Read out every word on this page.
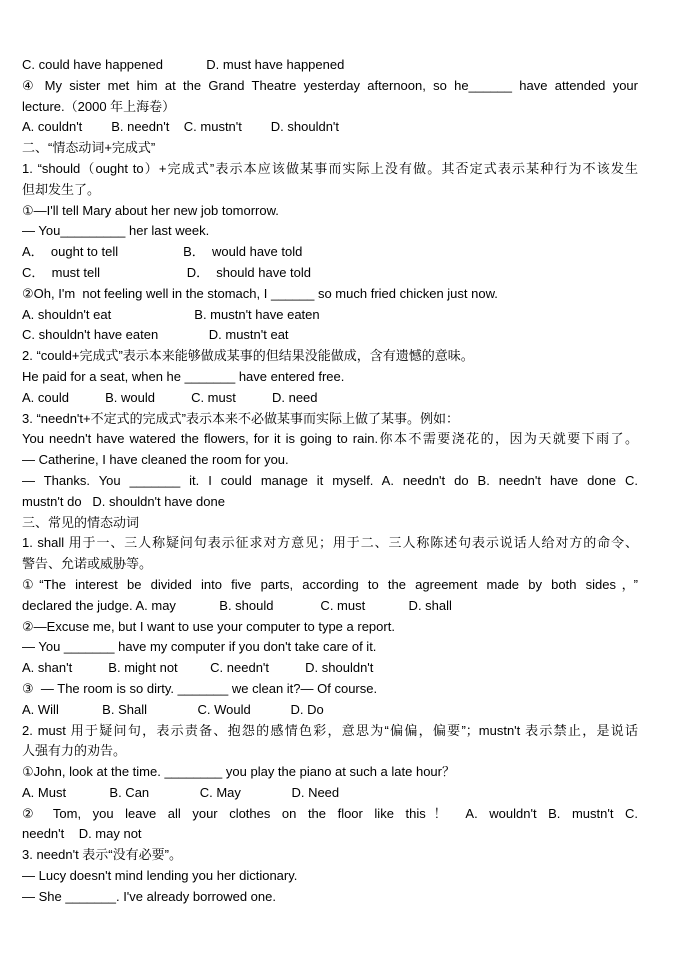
C. could have happened            D. must have happened
④ My sister met him at the Grand Theatre yesterday afternoon, so he______ have attended your
lecture.（2000 年上海卷）
A. couldn't        B. needn't    C. mustn't        D. shouldn't
二、“情态动词+完成式”
1. “should（ought to）+完成式”表示本应该做某事而实际上没有做。其否定式表示某种行为不该发生
但却发生了。
①—I'll tell Mary about her new job tomorrow.
— You_________ her last week.
A．  ought to tell                  B．  would have told
C．  must tell                        D．  should have told
②Oh, I'm  not feeling well in the stomach, I ______ so much fried chicken just now.
A. shouldn't eat                       B. mustn't have eaten
C. shouldn't have eaten              D. mustn't eat
2. “could+完成式”表示本来能够做成某事的但结果没能做成，含有遗憾的意味。
He paid for a seat, when he _______ have entered free.
A. could          B. would          C. must          D. need
3. “needn't+不定式的完成式”表示本来不必做某事而实际上做了某事。例如：
You needn't have watered the flowers, for it is going to rain.你本不需要浇花的，因为天就要下雨了。
— Catherine, I have cleaned the room for you.
— Thanks. You _______ it. I could manage it myself. A. needn't do B. needn't have done C.
mustn't do   D. shouldn't have done
三、常见的情态动词
1. shall 用于一、三人称疑问句表示征求对方意见；用于二、三人称陈述句表示说话人给对方的命令、
警告、允诺或威胁等。
①“The interest be divided into five parts, according to the agreement made by both sides，”
declared the judge. A. may            B. should             C. must            D. shall
②—Excuse me, but I want to use your computer to type a report.
— You _______ have my computer if you don't take care of it.
A. shan't          B. might not         C. needn't          D. shouldn't
③  — The room is so dirty. _______ we clean it?— Of course.
A. Will            B. Shall              C. Would           D. Do
2. must 用于疑问句，表示责备、抱怨的感情色彩，意思为“偏偏，偏要”；mustn't 表示禁止，是说话
人强有力的劝告。
①John, look at the time. ________ you play the piano at such a late hour？
A. Must            B. Can              C. May              D. Need
② Tom, you leave all your clothes on the floor like this！ A. wouldn't B. mustn't C.
needn't    D. may not
3. needn't 表示“没有必要”。
— Lucy doesn't mind lending you her dictionary.
— She _______. I've already borrowed one.
